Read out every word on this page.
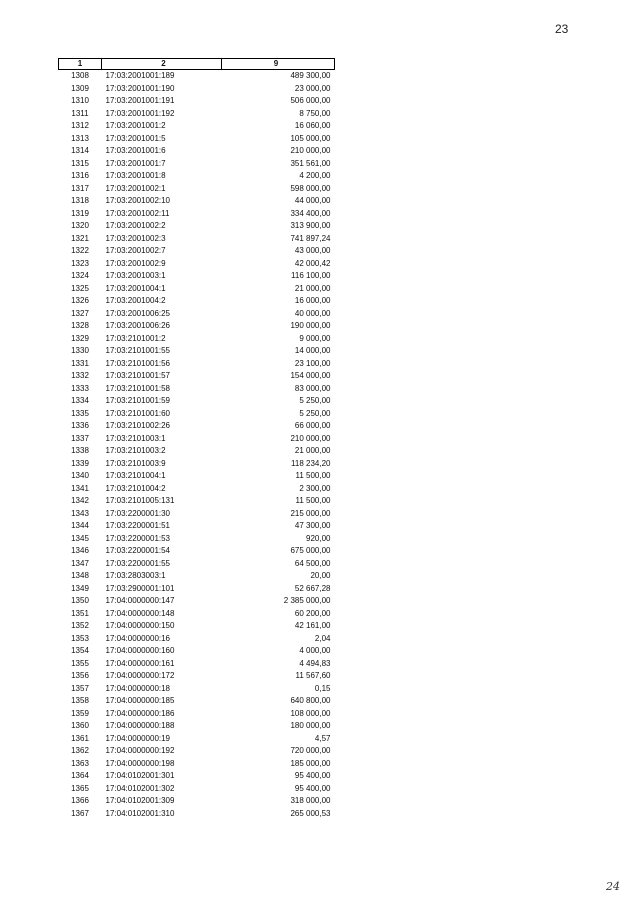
23
1	2	9
1308	17:03:2001001:189	489 300,00
1309	17:03:2001001:190	23 000,00
1310	17:03:2001001:191	506 000,00
1311	17:03:2001001:192	8 750,00
1312	17:03:2001001:2	16 060,00
1313	17:03:2001001:5	105 000,00
1314	17:03:2001001:6	210 000,00
1315	17:03:2001001:7	351 561,00
1316	17:03:2001001:8	4 200,00
1317	17:03:2001002:1	598 000,00
1318	17:03:2001002:10	44 000,00
1319	17:03:2001002:11	334 400,00
1320	17:03:2001002:2	313 900,00
1321	17:03:2001002:3	741 897,24
1322	17:03:2001002:7	43 000,00
1323	17:03:2001002:9	42 000,42
1324	17:03:2001003:1	116 100,00
1325	17:03:2001004:1	21 000,00
1326	17:03:2001004:2	16 000,00
1327	17:03:2001006:25	40 000,00
1328	17:03:2001006:26	190 000,00
1329	17:03:2101001:2	9 000,00
1330	17:03:2101001:55	14 000,00
1331	17:03:2101001:56	23 100,00
1332	17:03:2101001:57	154 000,00
1333	17:03:2101001:58	83 000,00
1334	17:03:2101001:59	5 250,00
1335	17:03:2101001:60	5 250,00
1336	17:03:2101002:26	66 000,00
1337	17:03:2101003:1	210 000,00
1338	17:03:2101003:2	21 000,00
1339	17:03:2101003:9	118 234,20
1340	17:03:2101004:1	11 500,00
1341	17:03:2101004:2	2 300,00
1342	17:03:2101005:131	11 500,00
1343	17:03:2200001:30	215 000,00
1344	17:03:2200001:51	47 300,00
1345	17:03:2200001:53	920,00
1346	17:03:2200001:54	675 000,00
1347	17:03:2200001:55	64 500,00
1348	17:03:2803003:1	20,00
1349	17:03:2900001:101	52 667,28
1350	17:04:0000000:147	2 385 000,00
1351	17:04:0000000:148	60 200,00
1352	17:04:0000000:150	42 161,00
1353	17:04:0000000:16	2,04
1354	17:04:0000000:160	4 000,00
1355	17:04:0000000:161	4 494,83
1356	17:04:0000000:172	11 567,60
1357	17:04:0000000:18	0,15
1358	17:04:0000000:185	640 800,00
1359	17:04:0000000:186	108 000,00
1360	17:04:0000000:188	180 000,00
1361	17:04:0000000:19	4,57
1362	17:04:0000000:192	720 000,00
1363	17:04:0000000:198	185 000,00
1364	17:04:0102001:301	95 400,00
1365	17:04:0102001:302	95 400,00
1366	17:04:0102001:309	318 000,00
1367	17:04:0102001:310	265 000,53
24
